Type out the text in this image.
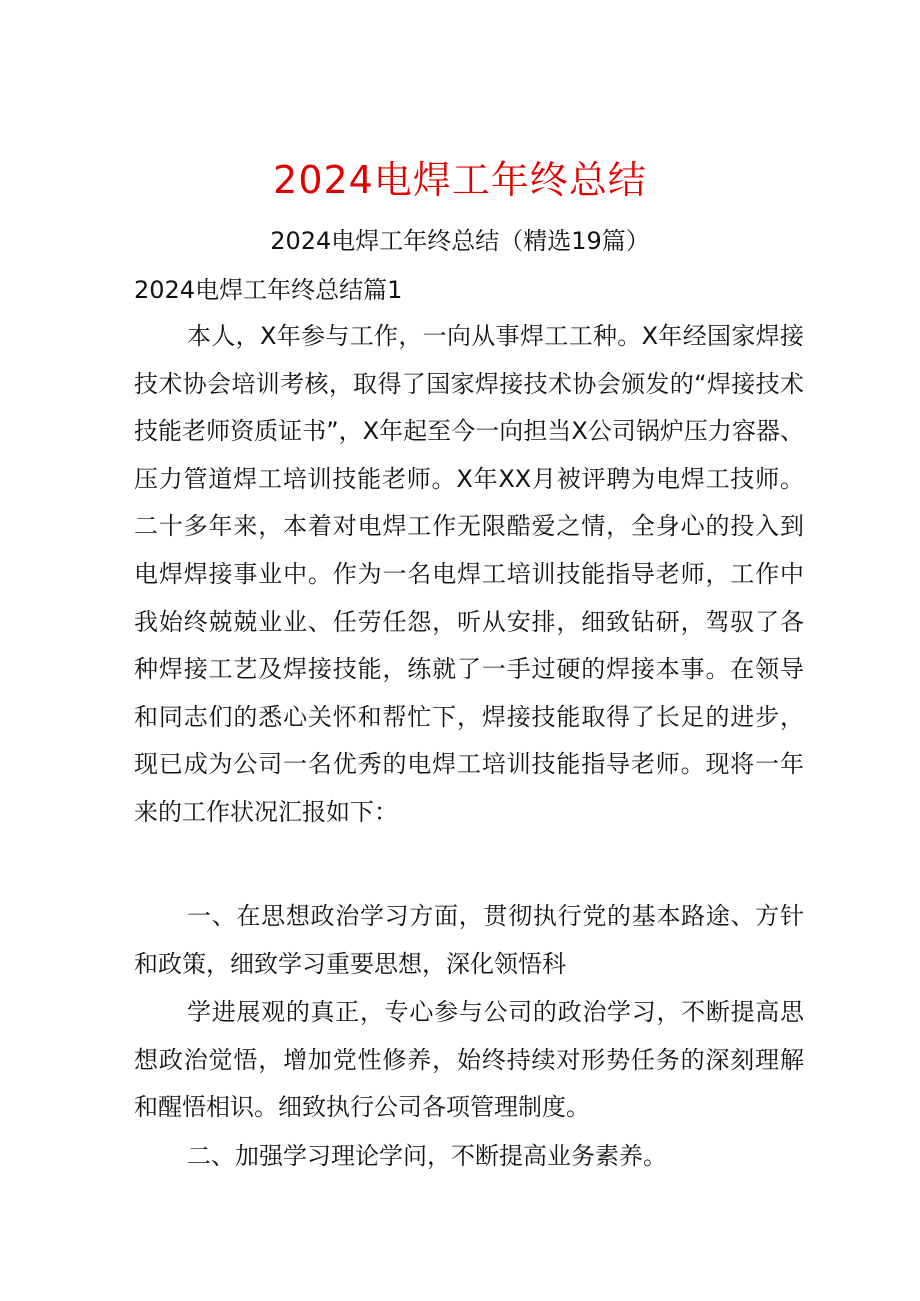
2024电焊工年终总结
2024电焊工年终总结（精选19篇）
2024电焊工年终总结篇1

本人，X年参与工作，一向从事焊工工种。X年经国家焊接技术协会培训考核，取得了国家焊接技术协会颁发的“焊接技术技能老师资质证书”，X年起至今一向担当X公司锅炉压力容器、压力管道焊工培训技能老师。X年XX月被评聘为电焊工技师。二十多年来，本着对电焊工作无限酷爱之情，全身心的投入到电焊焊接事业中。作为一名电焊工培训技能指导老师，工作中我始终兢兢业业、任劳任怨，听从安排，细致钻研，驾驭了各种焊接工艺及焊接技能，练就了一手过硬的焊接本事。在领导和同志们的悉心关怀和帮忙下，焊接技能取得了长足的进步，现已成为公司一名优秀的电焊工培训技能指导老师。现将一年来的工作状况汇报如下：

一、在思想政治学习方面，贯彻执行党的基本路途、方针和政策，细致学习重要思想，深化领悟科

学进展观的真正，专心参与公司的政治学习，不断提高思想政治觉悟，增加党性修养，始终持续对形势任务的深刻理解和醒悟相识。细致执行公司各项管理制度。

二、加强学习理论学问，不断提高业务素养。
